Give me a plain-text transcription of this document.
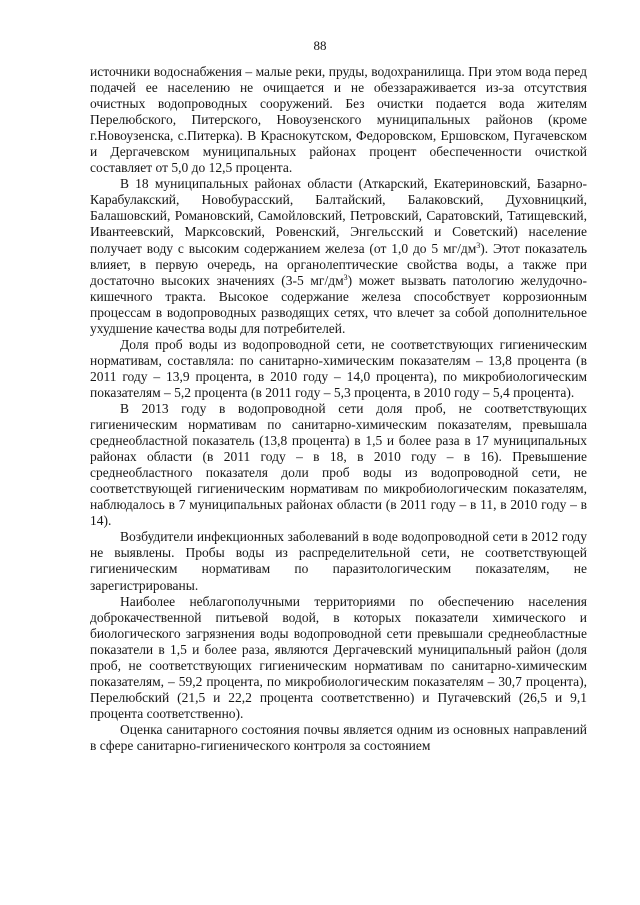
88

источники водоснабжения – малые реки, пруды, водохранилища. При этом вода перед подачей ее населению не очищается и не обеззараживается из-за отсутствия очистных водопроводных сооружений. Без очистки подается вода жителям Перелюбского, Питерского, Новоузенского муниципальных районов (кроме г.Новоузенска, с.Питерка). В Краснокутском, Федоровском, Ершовском, Пугачевском и Дергачевском муниципальных районах процент обеспеченности очисткой составляет от 5,0 до 12,5 процента.

В 18 муниципальных районах области (Аткарский, Екатериновский, Базарно-Карабулакский, Новобурасский, Балтайский, Балаковский, Духовницкий, Балашовский, Романовский, Самойловский, Петровский, Саратовский, Татищевский, Ивантеевский, Марксовский, Ровенский, Энгельсский и Советский) население получает воду с высоким содержанием железа (от 1,0 до 5 $мг/дм^3$). Этот показатель влияет, в первую очередь, на органолептические свойства воды, а также при достаточно высоких значениях (3-5 $мг/дм^3$) может вызвать патологию желудочно-кишечного тракта. Высокое содержание железа способствует коррозионным процессам в водопроводных разводящих сетях, что влечет за собой дополнительное ухудшение качества воды для потребителей.

Доля проб воды из водопроводной сети, не соответствующих гигиеническим нормативам, составляла: по санитарно-химическим показателям – 13,8 процента (в 2011 году – 13,9 процента, в 2010 году – 14,0 процента), по микробиологическим показателям – 5,2 процента (в 2011 году – 5,3 процента, в 2010 году – 5,4 процента).

В 2013 году в водопроводной сети доля проб, не соответствующих гигиеническим нормативам по санитарно-химическим показателям, превышала среднеобластной показатель (13,8 процента) в 1,5 и более раза в 17 муниципальных районах области (в 2011 году – в 18, в 2010 году – в 16). Превышение среднеобластного показателя доли проб воды из водопроводной сети, не соответствующей гигиеническим нормативам по микробиологическим показателям, наблюдалось в 7 муниципальных районах области (в 2011 году – в 11, в 2010 году – в 14).

Возбудители инфекционных заболеваний в воде водопроводной сети в 2012 году не выявлены. Пробы воды из распределительной сети, не соответствующей гигиеническим нормативам по паразитологическим показателям, не зарегистрированы.

Наиболее неблагополучными территориями по обеспечению населения доброкачественной питьевой водой, в которых показатели химического и биологического загрязнения воды водопроводной сети превышали среднеобластные показатели в 1,5 и более раза, являются Дергачевский муниципальный район (доля проб, не соответствующих гигиеническим нормативам по санитарно-химическим показателям, – 59,2 процента, по микробиологическим показателям – 30,7 процента), Перелюбский (21,5 и 22,2 процента соответственно) и Пугачевский (26,5 и 9,1 процента соответственно).

Оценка санитарного состояния почвы является одним из основных направлений в сфере санитарно-гигиенического контроля за состоянием
